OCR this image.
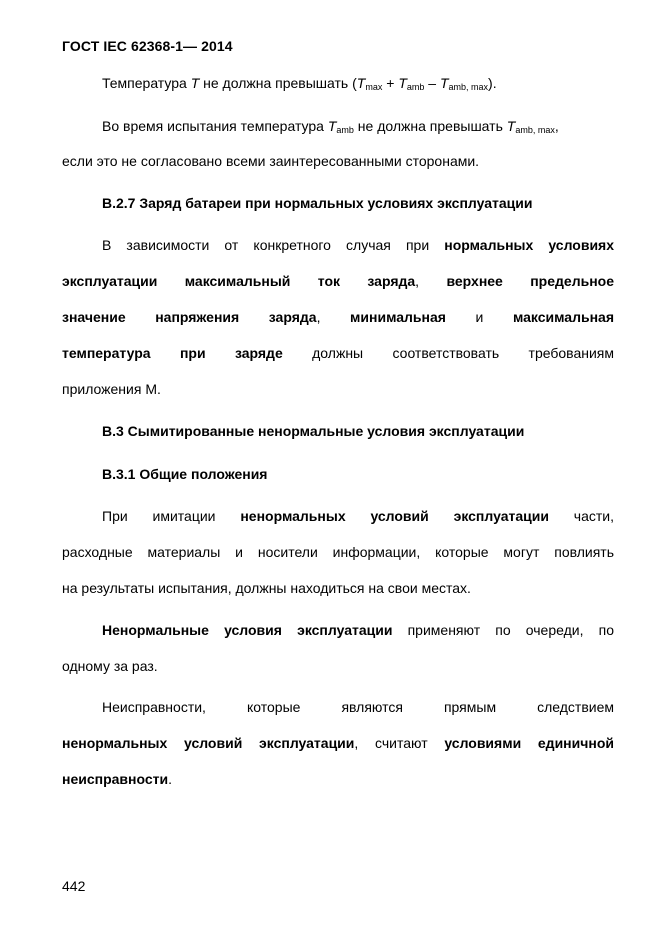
ГОСТ IEC 62368-1— 2014
Температура T не должна превышать $(T_{max} + T_{amb} - T_{amb, max})$.
Во время испытания температура $T_{amb}$ не должна превышать $T_{amb, max}$,
если это не согласовано всеми заинтересованными сторонами.
В.2.7 Заряд батареи при нормальных условиях эксплуатации
В зависимости от конкретного случая при нормальных условиях
эксплуатации максимальный ток заряда, верхнее предельное
значение напряжения заряда, минимальная и максимальная
температура при заряде должны соответствовать требованиям
приложения М.
В.3 Сымитированные ненормальные условия эксплуатации
В.3.1 Общие положения
При имитации ненормальных условий эксплуатации части,
расходные материалы и носители информации, которые могут повлиять
на результаты испытания, должны находиться на свои местах.
Ненормальные условия эксплуатации применяют по очереди, по
одному за раз.
Неисправности, которые являются прямым следствием
ненормальных условий эксплуатации, считают условиями единичной
неисправности.
442
